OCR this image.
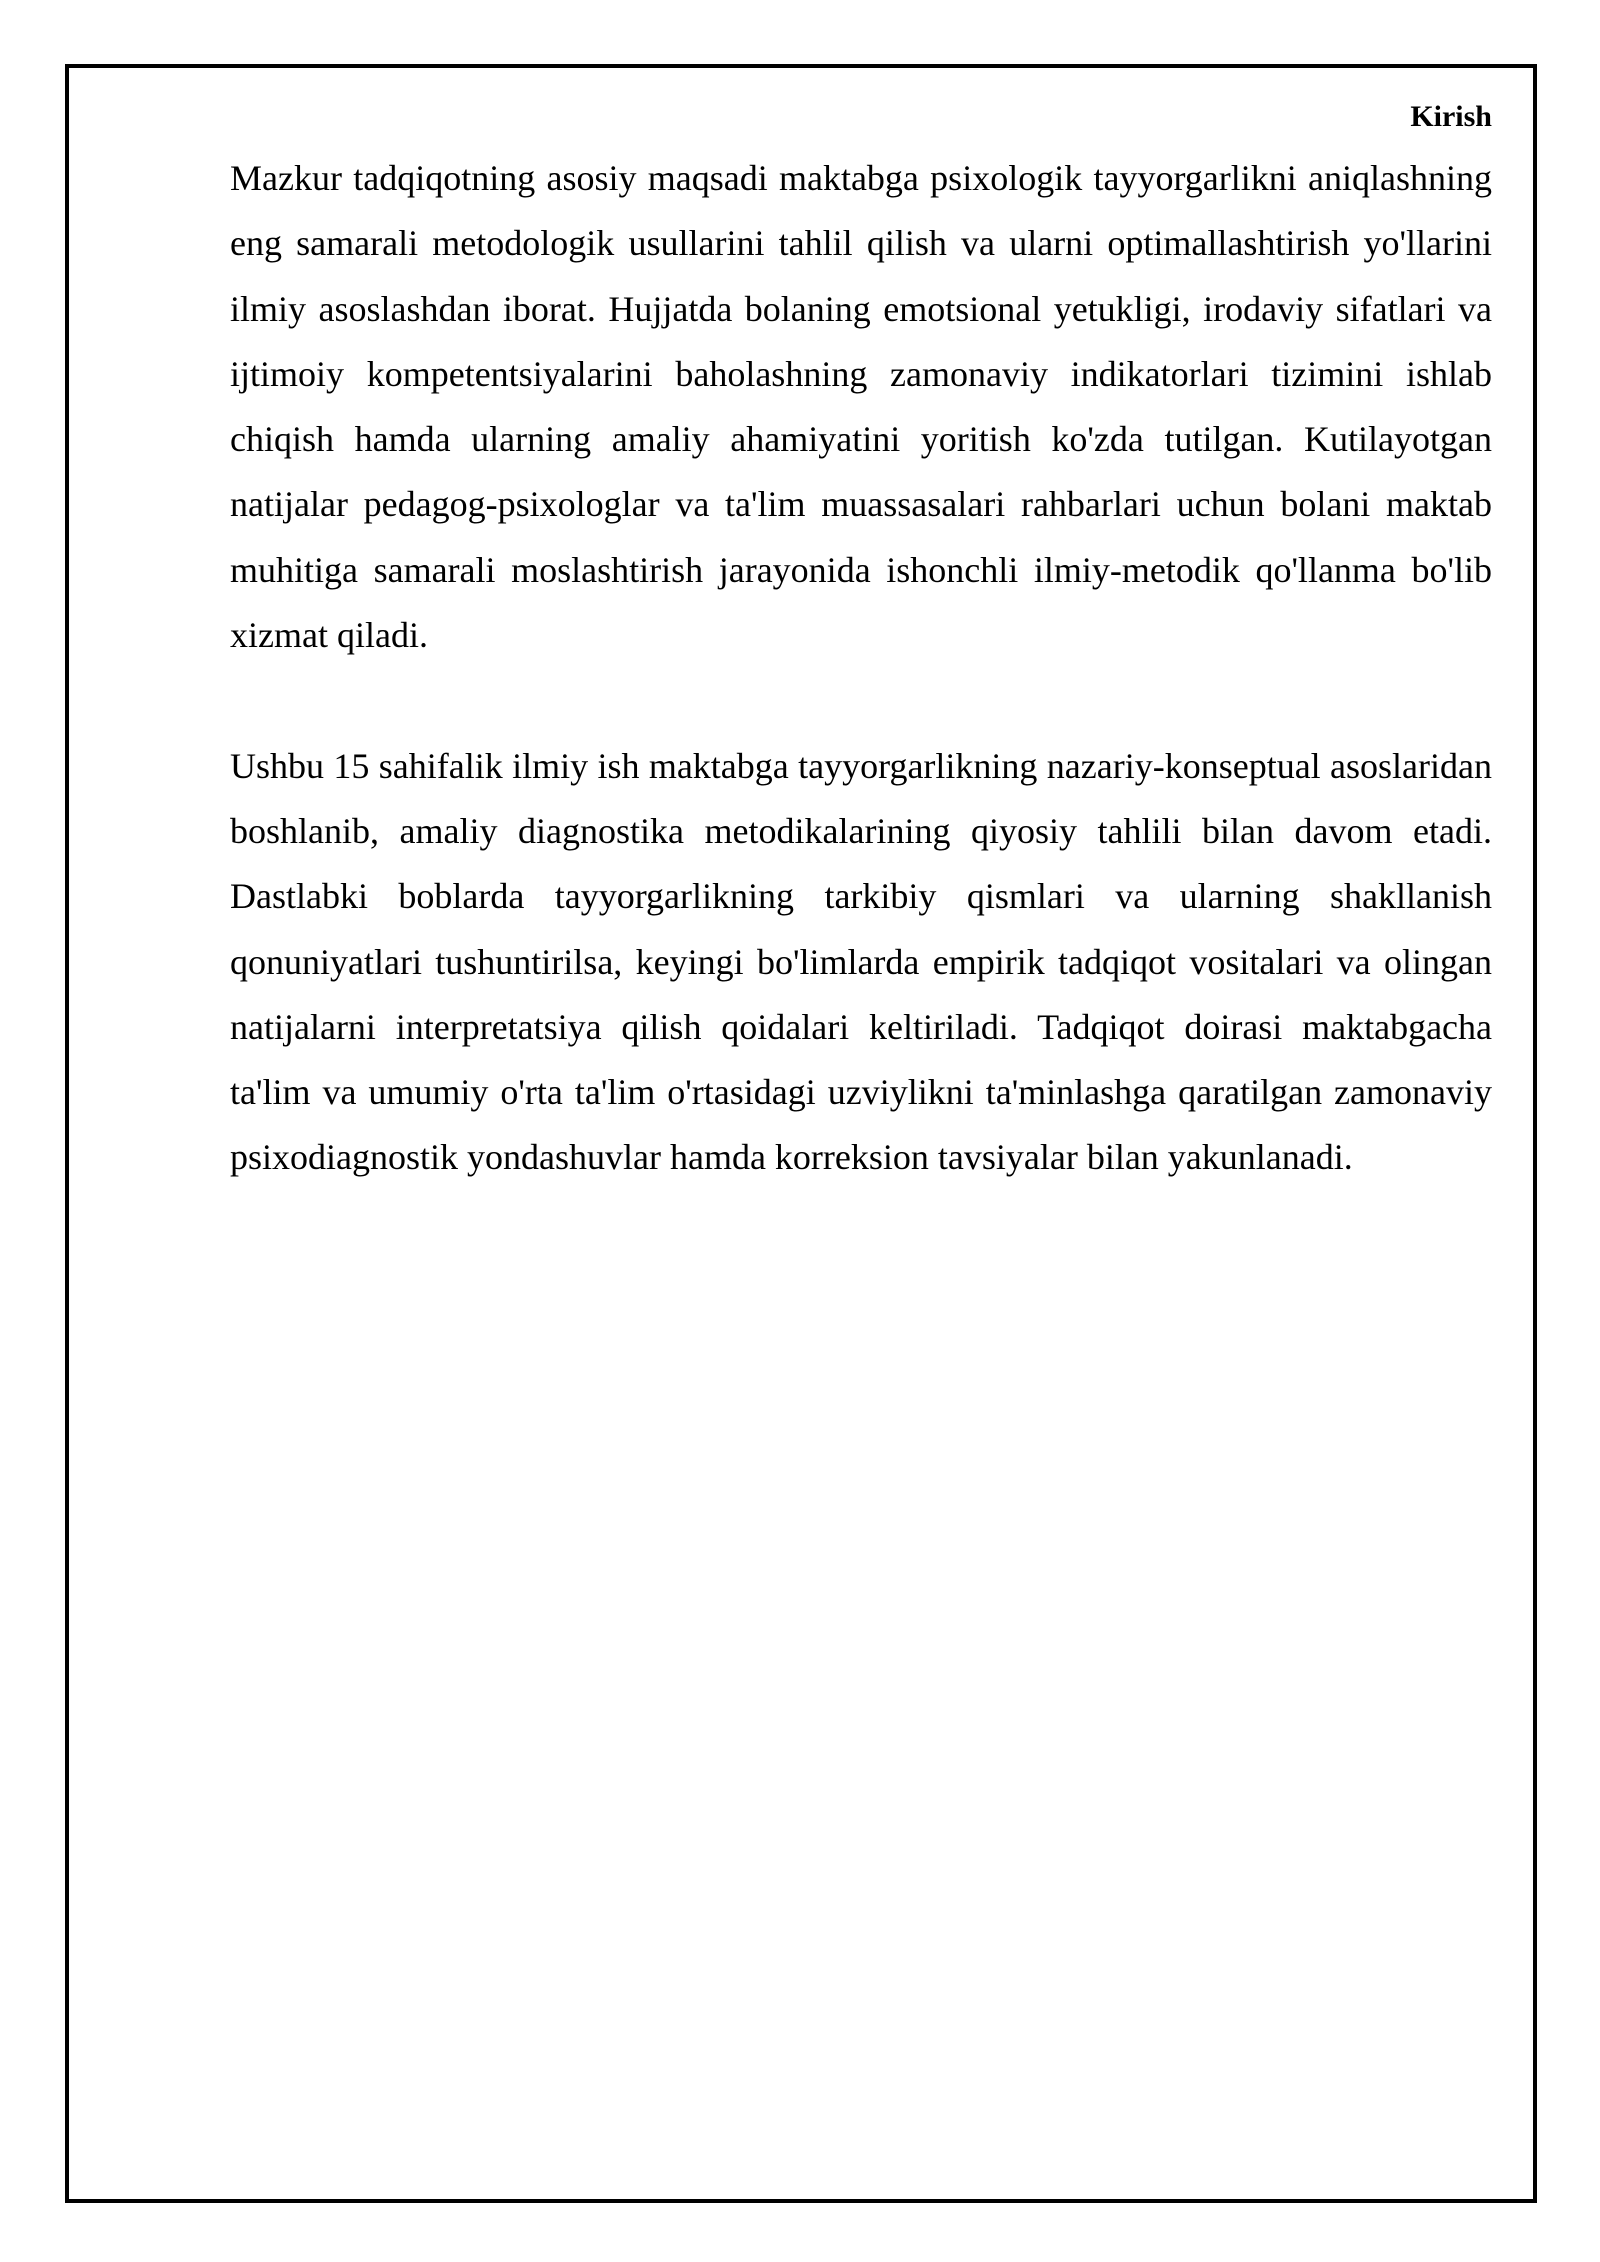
Kirish

Mazkur tadqiqotning asosiy maqsadi maktabga psixologik tayyorgarlikni aniqlashning eng samarali metodologik usullarini tahlil qilish va ularni optimallashtirish yo'llarini ilmiy asoslashdan iborat. Hujjatda bolaning emotsional yetukligi, irodaviy sifatlari va ijtimoiy kompetentsiyalarini baholashning zamonaviy indikatorlari tizimini ishlab chiqish hamda ularning amaliy ahamiyatini yoritish ko'zda tutilgan. Kutilayotgan natijalar pedagog-psixologlar va ta'lim muassasalari rahbarlari uchun bolani maktab muhitiga samarali moslashtirish jarayonida ishonchli ilmiy-metodik qo'llanma bo'lib xizmat qiladi.

Ushbu 15 sahifalik ilmiy ish maktabga tayyorgarlikning nazariy-konseptual asoslaridan boshlanib, amaliy diagnostika metodikalarining qiyosiy tahlili bilan davom etadi. Dastlabki boblarda tayyorgarlikning tarkibiy qismlari va ularning shakllanish qonuniyatlari tushuntirilsa, keyingi bo'limlarda empirik tadqiqot vositalari va olingan natijalarni interpretatsiya qilish qoidalari keltiriladi. Tadqiqot doirasi maktabgacha ta'lim va umumiy o'rta ta'lim o'rtasidagi uzviylikni ta'minlashga qaratilgan zamonaviy psixodiagnostik yondashuvlar hamda korreksion tavsiyalar bilan yakunlanadi.
